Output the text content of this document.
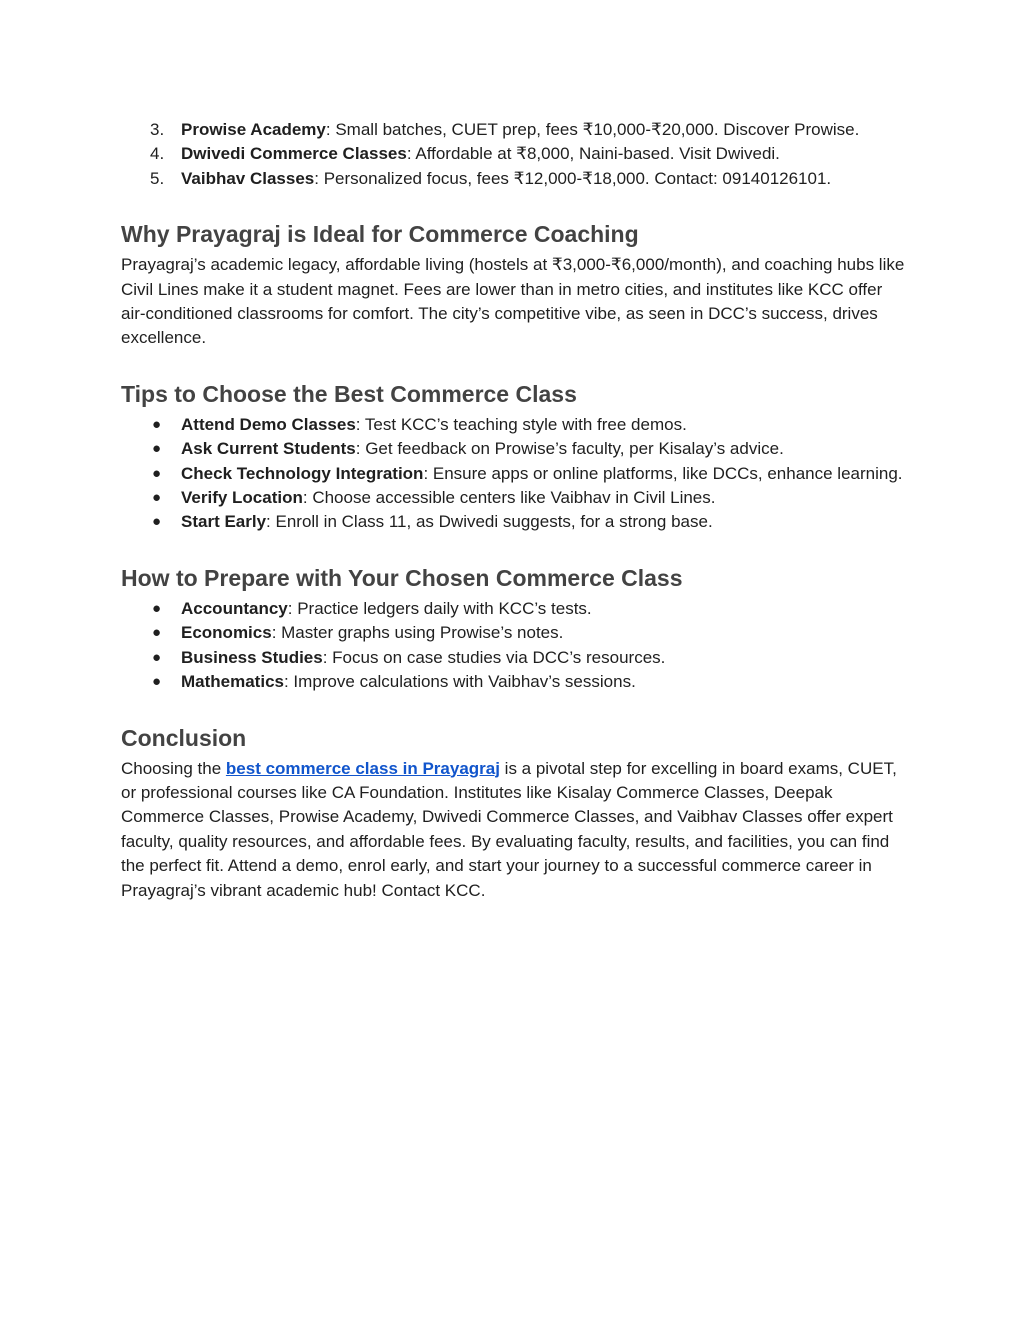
3. Prowise Academy: Small batches, CUET prep, fees ₹10,000-₹20,000. Discover Prowise.
4. Dwivedi Commerce Classes: Affordable at ₹8,000, Naini-based. Visit Dwivedi.
5. Vaibhav Classes: Personalized focus, fees ₹12,000-₹18,000. Contact: 09140126101.
Why Prayagraj is Ideal for Commerce Coaching

Prayagraj’s academic legacy, affordable living (hostels at ₹3,000-₹6,000/month), and coaching hubs like Civil Lines make it a student magnet. Fees are lower than in metro cities, and institutes like KCC offer air-conditioned classrooms for comfort. The city’s competitive vibe, as seen in DCC’s success, drives excellence.

Tips to Choose the Best Commerce Class
●	Attend Demo Classes: Test KCC’s teaching style with free demos.
●	Ask Current Students: Get feedback on Prowise’s faculty, per Kisalay’s advice.
●	Check Technology Integration: Ensure apps or online platforms, like DCCs, enhance learning.
●	Verify Location: Choose accessible centers like Vaibhav in Civil Lines.
●	Start Early: Enroll in Class 11, as Dwivedi suggests, for a strong base.
How to Prepare with Your Chosen Commerce Class
●	Accountancy: Practice ledgers daily with KCC’s tests.
●	Economics: Master graphs using Prowise’s notes.
●	Business Studies: Focus on case studies via DCC’s resources.
●	Mathematics: Improve calculations with Vaibhav’s sessions.
Conclusion

Choosing the best commerce class in Prayagraj is a pivotal step for excelling in board exams, CUET, or professional courses like CA Foundation. Institutes like Kisalay Commerce Classes, Deepak Commerce Classes, Prowise Academy, Dwivedi Commerce Classes, and Vaibhav Classes offer expert faculty, quality resources, and affordable fees. By evaluating faculty, results, and facilities, you can find the perfect fit. Attend a demo, enrol early, and start your journey to a successful commerce career in Prayagraj’s vibrant academic hub! Contact KCC.
